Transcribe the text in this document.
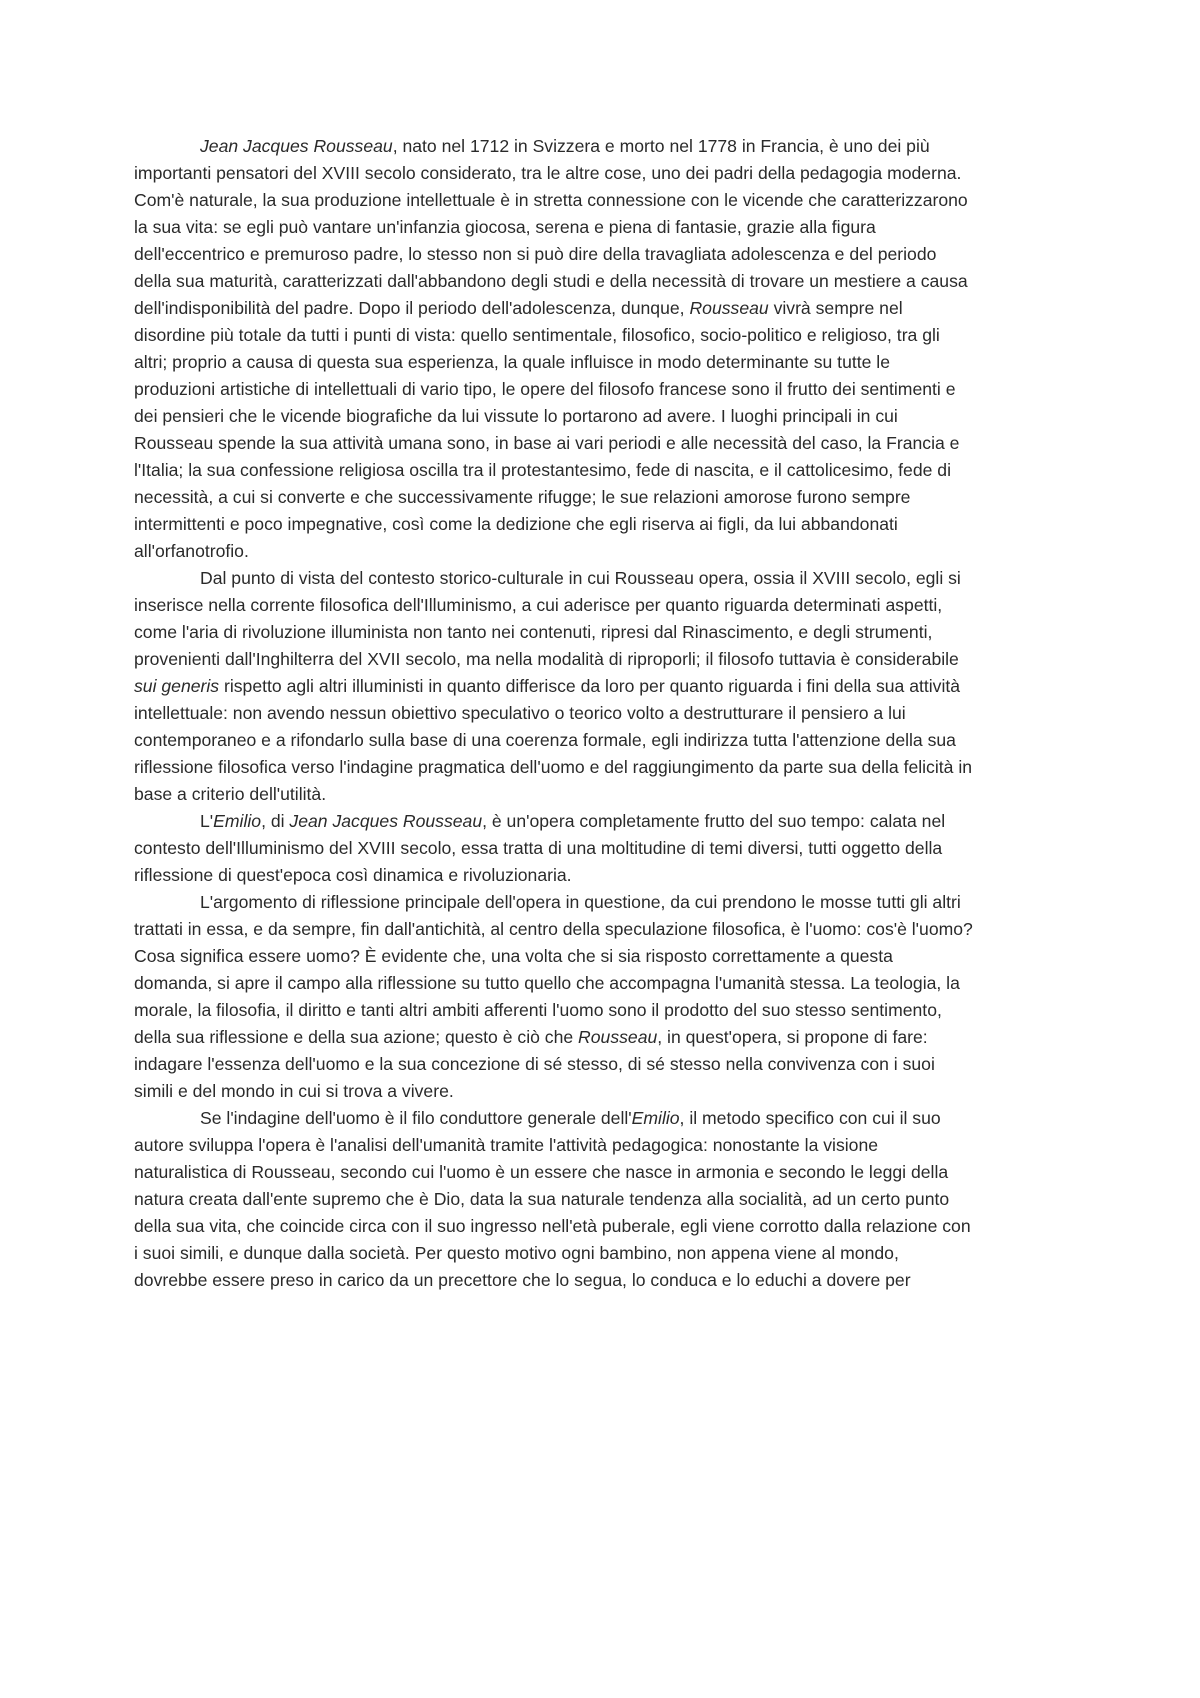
Jean Jacques Rousseau, nato nel 1712 in Svizzera e morto nel 1778 in Francia, è uno dei più importanti pensatori del XVIII secolo considerato, tra le altre cose, uno dei padri della pedagogia moderna. Com'è naturale, la sua produzione intellettuale è in stretta connessione con le vicende che caratterizzarono la sua vita: se egli può vantare un'infanzia giocosa, serena e piena di fantasie, grazie alla figura dell'eccentrico e premuroso padre, lo stesso non si può dire della travagliata adolescenza e del periodo della sua maturità, caratterizzati dall'abbandono degli studi e della necessità di trovare un mestiere a causa dell'indisponibilità del padre. Dopo il periodo dell'adolescenza, dunque, Rousseau vivrà sempre nel disordine più totale da tutti i punti di vista: quello sentimentale, filosofico, socio-politico e religioso, tra gli altri; proprio a causa di questa sua esperienza, la quale influisce in modo determinante su tutte le produzioni artistiche di intellettuali di vario tipo, le opere del filosofo francese sono il frutto dei sentimenti e dei pensieri che le vicende biografiche da lui vissute lo portarono ad avere. I luoghi principali in cui Rousseau spende la sua attività umana sono, in base ai vari periodi e alle necessità del caso, la Francia e l'Italia; la sua confessione religiosa oscilla tra il protestantesimo, fede di nascita, e il cattolicesimo, fede di necessità, a cui si converte e che successivamente rifugge; le sue relazioni amorose furono sempre intermittenti e poco impegnative, così come la dedizione che egli riserva ai figli, da lui abbandonati all'orfanotrofio.

Dal punto di vista del contesto storico-culturale in cui Rousseau opera, ossia il XVIII secolo, egli si inserisce nella corrente filosofica dell'Illuminismo, a cui aderisce per quanto riguarda determinati aspetti, come l'aria di rivoluzione illuminista non tanto nei contenuti, ripresi dal Rinascimento, e degli strumenti, provenienti dall'Inghilterra del XVII secolo, ma nella modalità di riproporli; il filosofo tuttavia è considerabile sui generis rispetto agli altri illuministi in quanto differisce da loro per quanto riguarda i fini della sua attività intellettuale: non avendo nessun obiettivo speculativo o teorico volto a destrutturare il pensiero a lui contemporaneo e a rifondarlo sulla base di una coerenza formale, egli indirizza tutta l'attenzione della sua riflessione filosofica verso l'indagine pragmatica dell'uomo e del raggiungimento da parte sua della felicità in base a criterio dell'utilità.

L'Emilio, di Jean Jacques Rousseau, è un'opera completamente frutto del suo tempo: calata nel contesto dell'Illuminismo del XVIII secolo, essa tratta di una moltitudine di temi diversi, tutti oggetto della riflessione di quest'epoca così dinamica e rivoluzionaria.

L'argomento di riflessione principale dell'opera in questione, da cui prendono le mosse tutti gli altri trattati in essa, e da sempre, fin dall'antichità, al centro della speculazione filosofica, è l'uomo: cos'è l'uomo? Cosa significa essere uomo? È evidente che, una volta che si sia risposto correttamente a questa domanda, si apre il campo alla riflessione su tutto quello che accompagna l'umanità stessa. La teologia, la morale, la filosofia, il diritto e tanti altri ambiti afferenti l'uomo sono il prodotto del suo stesso sentimento, della sua riflessione e della sua azione; questo è ciò che Rousseau, in quest'opera, si propone di fare: indagare l'essenza dell'uomo e la sua concezione di sé stesso, di sé stesso nella convivenza con i suoi simili e del mondo in cui si trova a vivere.

Se l'indagine dell'uomo è il filo conduttore generale dell'Emilio, il metodo specifico con cui il suo autore sviluppa l'opera è l'analisi dell'umanità tramite l'attività pedagogica: nonostante la visione naturalistica di Rousseau, secondo cui l'uomo è un essere che nasce in armonia e secondo le leggi della natura creata dall'ente supremo che è Dio, data la sua naturale tendenza alla socialità, ad un certo punto della sua vita, che coincide circa con il suo ingresso nell'età puberale, egli viene corrotto dalla relazione con i suoi simili, e dunque dalla società. Per questo motivo ogni bambino, non appena viene al mondo, dovrebbe essere preso in carico da un precettore che lo segua, lo conduca e lo educhi a dovere per
